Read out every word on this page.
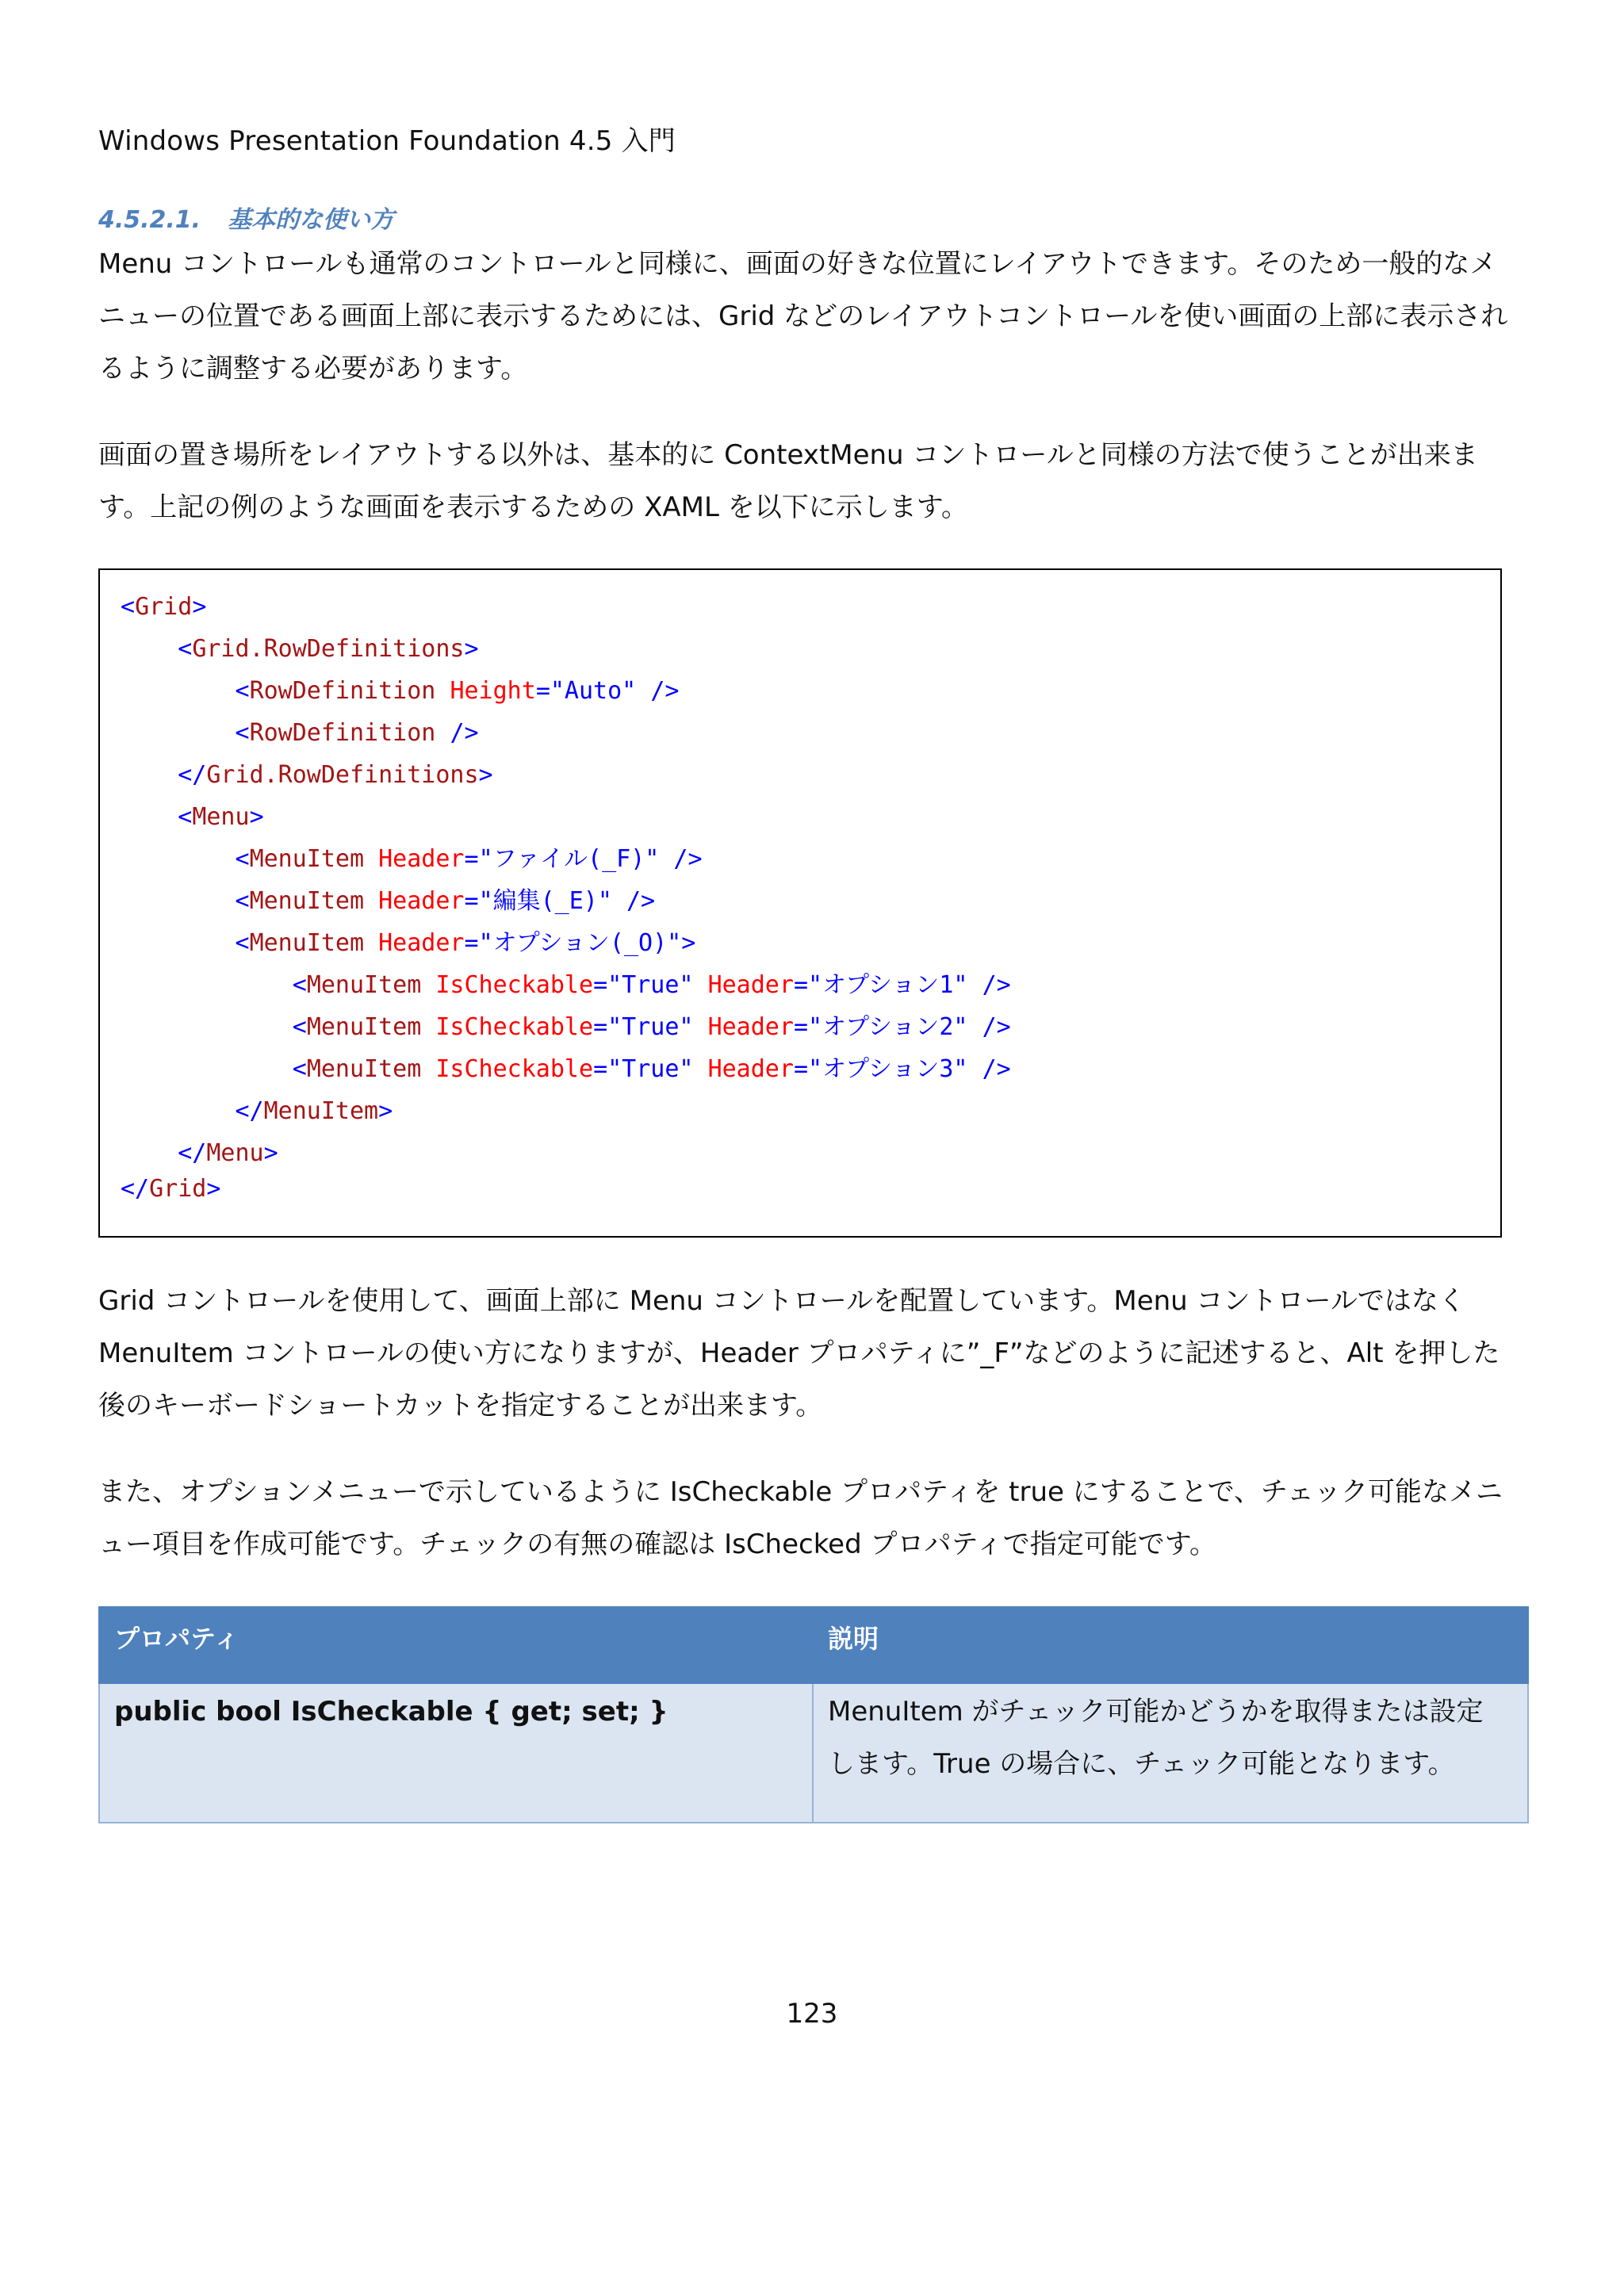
Windows Presentation Foundation 4.5 入門
4.5.2.1. 基本的な使い方

Menu コントロールも通常のコントロールと同様に、画面の好きな位置にレイアウトできます。そのため一般的なメ
ニューの位置である画面上部に表示するためには、Grid などのレイアウトコントロールを使い画面の上部に表示され
るように調整する必要があります。

画面の置き場所をレイアウトする以外は、基本的に ContextMenu コントロールと同様の方法で使うことが出来ま
す。上記の例のような画面を表示するための XAML を以下に示します。

<Grid>
<Grid.RowDefinitions>
<RowDefinition Height="Auto" />
<RowDefinition />
</Grid.RowDefinitions>
<Menu>
<MenuItem Header="ファイル(_F)" />
<MenuItem Header="編集(_E)" />
<MenuItem Header="オプション(_O)">
<MenuItem IsCheckable="True" Header="オプション1" />
<MenuItem IsCheckable="True" Header="オプション2" />
<MenuItem IsCheckable="True" Header="オプション3" />
</MenuItem>
</Menu>
</Grid>

Grid コントロールを使用して、画面上部に Menu コントロールを配置しています。Menu コントロールではなく
MenuItem コントロールの使い方になりますが、Header プロパティに”_F”などのように記述すると、Alt を押した
後のキーボードショートカットを指定することが出来ます。

また、オプションメニューで示しているように IsCheckable プロパティを true にすることで、チェック可能なメニ
ュー項目を作成可能です。チェックの有無の確認は IsChecked プロパティで指定可能です。

プロパティ	説明
public bool IsCheckable { get; set; }	MenuItem がチェック可能かどうかを取得または設定
します。True の場合に、チェック可能となります。
123
